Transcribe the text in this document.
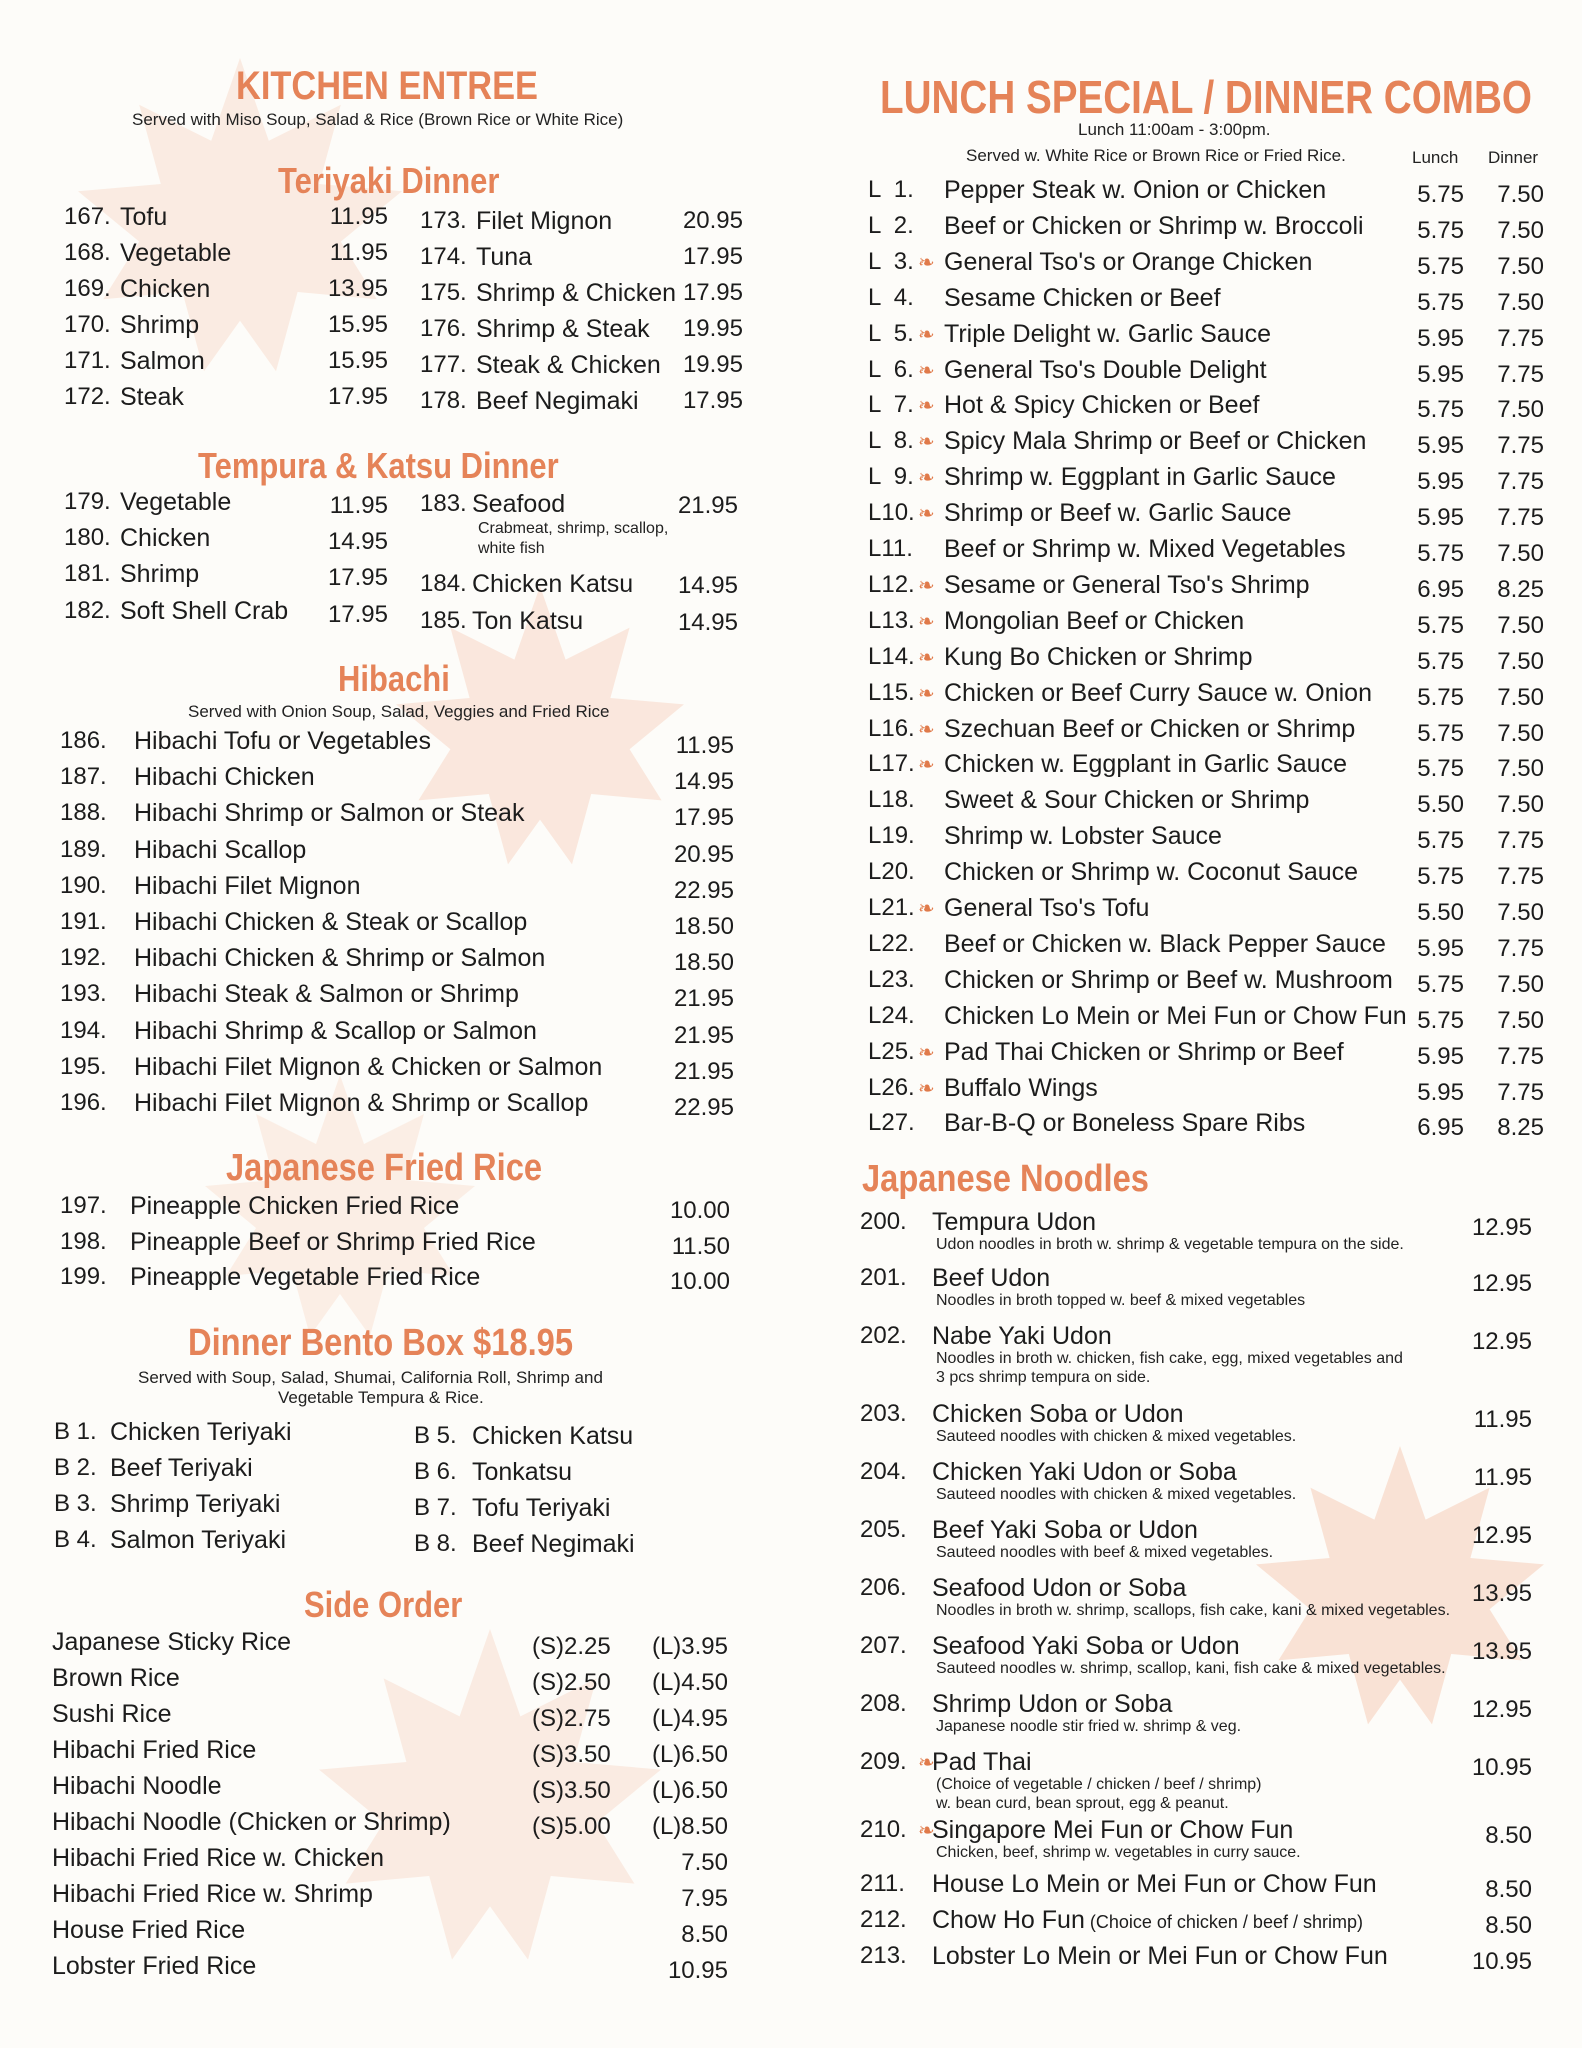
KITCHEN ENTREE
Served with Miso Soup, Salad & Rice (Brown Rice or White Rice)
Teriyaki Dinner
167. Tofu	11.95
168. Vegetable	11.95
169. Chicken	13.95
170. Shrimp	15.95
171. Salmon	15.95
172. Steak	17.95
173. Filet Mignon	20.95
174. Tuna	17.95
175. Shrimp & Chicken 17.95
176. Shrimp & Steak	19.95
177. Steak & Chicken 19.95
178. Beef Negimaki	17.95
Tempura & Katsu Dinner
179. Vegetable	11.95
180. Chicken	14.95
181. Shrimp	17.95
182. Soft Shell Crab	17.95
183. Seafood	21.95
Crabmeat, shrimp, scallop,
white fish
184. Chicken Katsu	14.95
185. Ton Katsu	14.95
Hibachi
Served with Onion Soup, Salad, Veggies and Fried Rice
186. Hibachi Tofu or Vegetables	11.95
187. Hibachi Chicken	14.95
188. Hibachi Shrimp or Salmon or Steak	17.95
189. Hibachi Scallop	20.95
190. Hibachi Filet Mignon	22.95
191. Hibachi Chicken & Steak or Scallop	18.50
192. Hibachi Chicken & Shrimp or Salmon	18.50
193. Hibachi Steak & Salmon or Shrimp	21.95
194. Hibachi Shrimp & Scallop or Salmon	21.95
195. Hibachi Filet Mignon & Chicken or Salmon	21.95
196. Hibachi Filet Mignon & Shrimp or Scallop	22.95
Japanese Fried Rice
197. Pineapple Chicken Fried Rice	10.00
198. Pineapple Beef or Shrimp Fried Rice	11.50
199. Pineapple Vegetable Fried Rice	10.00
Dinner Bento Box $18.95
Served with Soup, Salad, Shumai, California Roll, Shrimp and
Vegetable Tempura & Rice.
B 1. Chicken Teriyaki
B 2. Beef Teriyaki
B 3. Shrimp Teriyaki
B 4. Salmon Teriyaki
B 5. Chicken Katsu
B 6. Tonkatsu
B 7. Tofu Teriyaki
B 8. Beef Negimaki
Side Order
Japanese Sticky Rice	(S)2.25	(L)3.95
Brown Rice	(S)2.50	(L)4.50
Sushi Rice	(S)2.75	(L)4.95
Hibachi Fried Rice	(S)3.50	(L)6.50
Hibachi Noodle	(S)3.50	(L)6.50
Hibachi Noodle (Chicken or Shrimp)	(S)5.00	(L)8.50
Hibachi Fried Rice w. Chicken	7.50
Hibachi Fried Rice w. Shrimp	7.95
House Fried Rice	8.50
Lobster Fried Rice	10.95
LUNCH SPECIAL / DINNER COMBO
Lunch 11:00am - 3:00pm.
Served w. White Rice or Brown Rice or Fried Rice.	Lunch Dinner
L  1. Pepper Steak w. Onion or Chicken	5.75	7.50
L  2. Beef or Chicken or Shrimp w. Broccoli	5.75	7.50
L  3. ❧ General Tso's or Orange Chicken	5.75	7.50
L  4. Sesame Chicken or Beef	5.75	7.50
L  5. ❧ Triple Delight w. Garlic Sauce	5.95	7.75
L  6. ❧ General Tso's Double Delight	5.95	7.75
L  7. ❧ Hot & Spicy Chicken or Beef	5.75	7.50
L  8. ❧ Spicy Mala Shrimp or Beef or Chicken	5.95	7.75
L  9. ❧ Shrimp w. Eggplant in Garlic Sauce	5.95	7.75
L10. ❧ Shrimp or Beef w. Garlic Sauce	5.95	7.75
L11. Beef or Shrimp w. Mixed Vegetables	5.75	7.50
L12. ❧ Sesame or General Tso's Shrimp	6.95	8.25
L13. ❧ Mongolian Beef or Chicken	5.75	7.50
L14. ❧ Kung Bo Chicken or Shrimp	5.75	7.50
L15. ❧ Chicken or Beef Curry Sauce w. Onion	5.75	7.50
L16. ❧ Szechuan Beef or Chicken or Shrimp	5.75	7.50
L17. ❧ Chicken w. Eggplant in Garlic Sauce	5.75	7.50
L18. Sweet & Sour Chicken or Shrimp	5.50	7.50
L19. Shrimp w. Lobster Sauce	5.75	7.75
L20. Chicken or Shrimp w. Coconut Sauce	5.75	7.75
L21. ❧ General Tso's Tofu	5.50	7.50
L22. Beef or Chicken w. Black Pepper Sauce	5.95	7.75
L23. Chicken or Shrimp or Beef w. Mushroom	5.75	7.50
L24. Chicken Lo Mein or Mei Fun or Chow Fun 5.75	7.50
L25. ❧ Pad Thai Chicken or Shrimp or Beef	5.95	7.75
L26. ❧ Buffalo Wings	5.95	7.75
L27. Bar-B-Q or Boneless Spare Ribs	6.95	8.25
Japanese Noodles
200. Tempura Udon	12.95
Udon noodles in broth w. shrimp & vegetable tempura on the side.
201. Beef Udon	12.95
Noodles in broth topped w. beef & mixed vegetables
202. Nabe Yaki Udon	12.95
Noodles in broth w. chicken, fish cake, egg, mixed vegetables and
3 pcs shrimp tempura on side.
203. Chicken Soba or Udon	11.95
Sauteed noodles with chicken & mixed vegetables.
204. Chicken Yaki Udon or Soba	11.95
Sauteed noodles with chicken & mixed vegetables.
205. Beef Yaki Soba or Udon	12.95
Sauteed noodles with beef & mixed vegetables.
206. Seafood Udon or Soba	13.95
Noodles in broth w. shrimp, scallops, fish cake, kani & mixed vegetables.
207. Seafood Yaki Soba or Udon	13.95
Sauteed noodles w. shrimp, scallop, kani, fish cake & mixed vegetables.
208. Shrimp Udon or Soba	12.95
Japanese noodle stir fried w. shrimp & veg.
209. ❧
Pad Thai	10.95
(Choice of vegetable / chicken / beef / shrimp)
w. bean curd, bean sprout, egg & peanut.
210. ❧
Singapore Mei Fun or Chow Fun	8.50
Chicken, beef, shrimp w. vegetables in curry sauce.
211. House Lo Mein or Mei Fun or Chow Fun	8.50
212. Chow Ho Fun (Choice of chicken / beef / shrimp)	8.50
213. Lobster Lo Mein or Mei Fun or Chow Fun	10.95
